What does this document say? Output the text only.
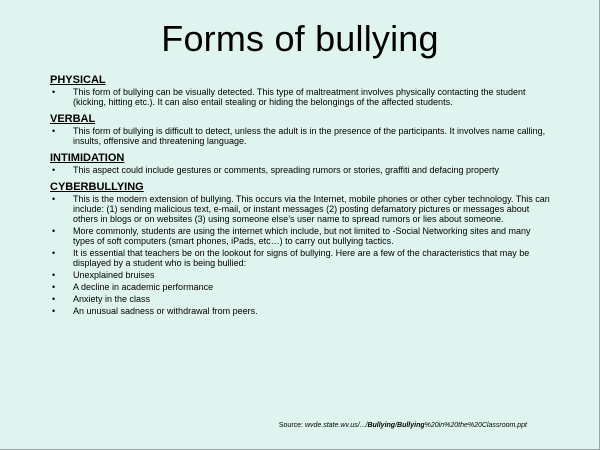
Forms of bullying

PHYSICAL

• This form of bullying can be visually detected. This type of maltreatment involves physically contacting the student (kicking, hitting etc.). It can also entail stealing or hiding the belongings of the affected students.

VERBAL

• This form of bullying is difficult to detect, unless the adult is in the presence of the participants. It involves name calling, insults, offensive and threatening language.

INTIMIDATION

• This aspect could include gestures or comments, spreading rumors or stories, graffiti and defacing property

CYBERBULLYING

• This is the modern extension of bullying. This occurs via the Internet, mobile phones or other cyber technology. This can include: (1) sending malicious text, e-mail, or instant messages (2) posting defamatory pictures or messages about others in blogs or on websites (3) using someone else’s user name to spread rumors or lies about someone.
• More commonly, students are using the internet which include, but not limited to -Social Networking sites and many types of soft computers (smart phones, iPads, etc…) to carry out bullying tactics.
• It is essential that teachers be on the lookout for signs of bullying. Here are a few of the characteristics that may be displayed by a student who is being bullied:
• Unexplained bruises
• A decline in academic performance
• Anxiety in the class
• An unusual sadness or withdrawal from peers.
Source: wvde.state.wv.us/.../Bullying/Bullying%20in%20the%20Classroom.ppt
